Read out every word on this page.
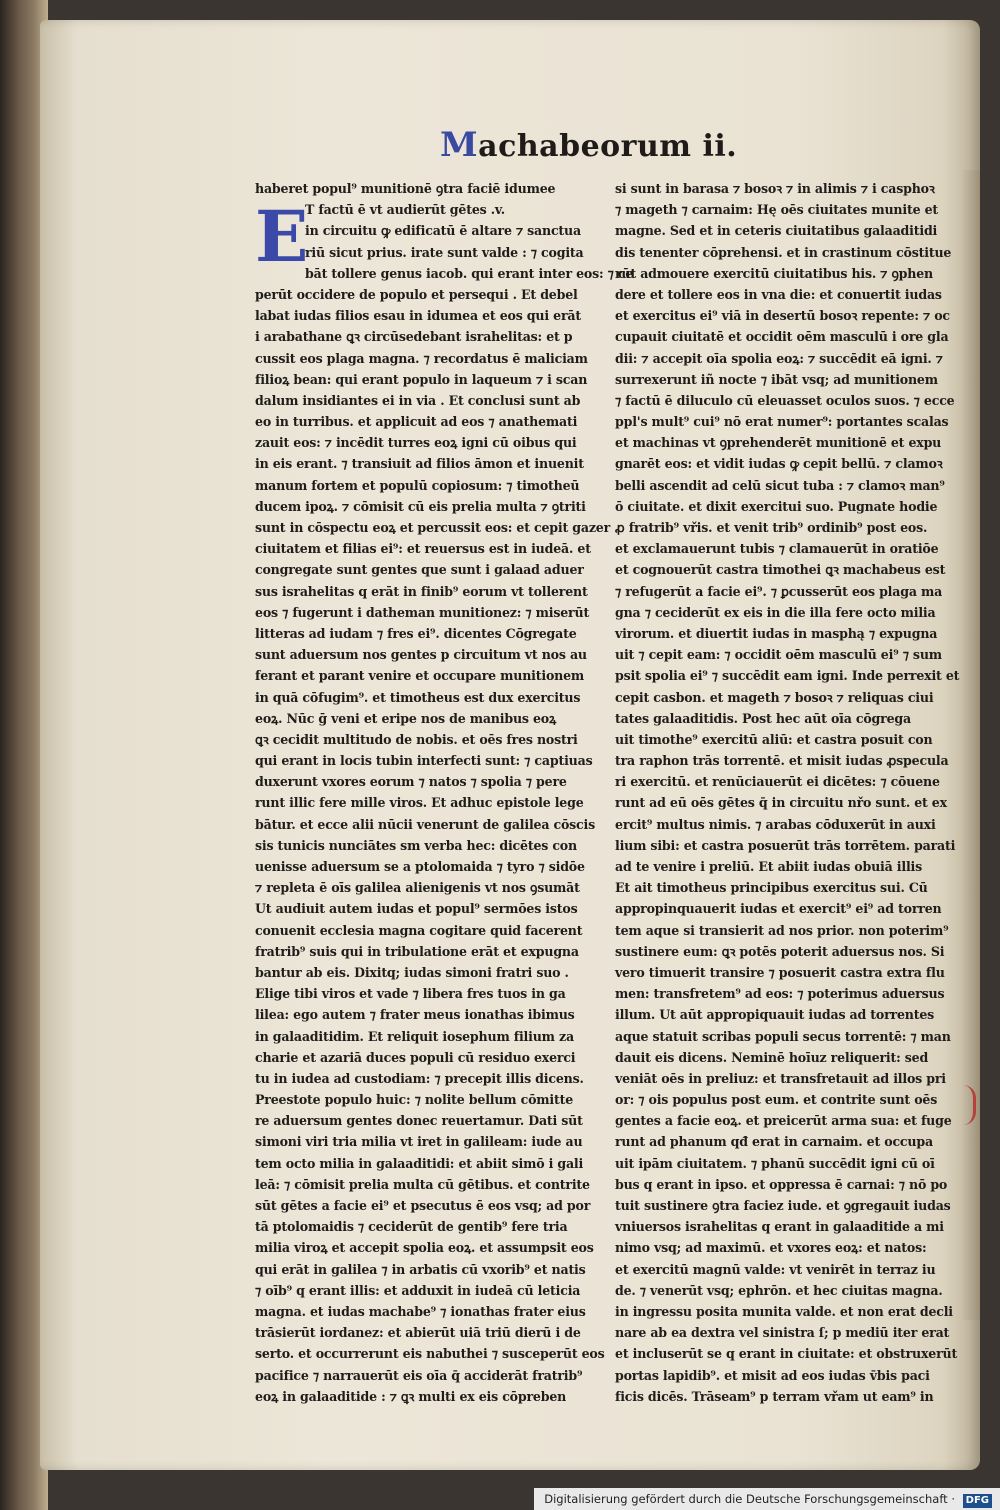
Machabeorum ii.
haberet popul⁹ munitionē ꝯtra faciē idumee
E
T factū ē vt audierūt gētes .v.
in circuitu ꝙ edificatū ē altare ⁊ sanctua
riū sicut prius. irate sunt valde : ⁊ cogita
bāt tollere genus iacob. qui erant inter eos: ⁊ ce
perūt occidere de populo et persequi . Et debel
labat iudas filios esau in idumea et eos qui erāt
i arabathane ꝗꝛ circūsedebant israhelitas: et p
cussit eos plaga magna. ⁊ recordatus ē maliciam
filioꝝ bean: qui erant populo in laqueum ⁊ i scan
dalum insidiantes ei in via . Et conclusi sunt ab
eo in turribus. et applicuit ad eos ⁊ anathemati
zauit eos: ⁊ incēdit turres eoꝝ igni cū oibus qui
in eis erant. ⁊ transiuit ad filios āmon et inuenit
manum fortem et populū copiosum: ⁊ timotheū
ducem ipoꝝ. ⁊ cōmisit cū eis prelia multa ⁊ ꝯtriti
sunt in cōspectu eoꝝ et percussit eos: et cepit gazer
ciuitatem et filias ei⁹: et reuersus est in iudeā. et
congregate sunt gentes que sunt i galaad aduer
sus israhelitas q erāt in finib⁹ eorum vt tollerent
eos ⁊ fugerunt i datheman munitionez: ⁊ miserūt
litteras ad iudam ⁊ fres ei⁹. dicentes Cōgregate
sunt aduersum nos gentes p circuitum vt nos au
ferant et parant venire et occupare munitionem
in quā cōfugim⁹. et timotheus est dux exercitus
eoꝝ. Nūc ḡ veni et eripe nos de manibus eoꝝ
ꝗꝛ cecidit multitudo de nobis. et oēs fres nostri
qui erant in locis tubin interfecti sunt: ⁊ captiuas
duxerunt vxores eorum ⁊ natos ⁊ spolia ⁊ pere
runt illic fere mille viros. Et adhuc epistole lege
bātur. et ecce alii nūcii venerunt de galilea cōscis
sis tunicis nunciātes sm verba hec: dicētes con
uenisse aduersum se a ptolomaida ⁊ tyro ⁊ sidōe
⁊ repleta ē oīs galilea alienigenis vt nos ꝯsumāt
Ut audiuit autem iudas et popul⁹ sermōes istos
conuenit ecclesia magna cogitare quid facerent
fratrib⁹ suis qui in tribulatione erāt et expugna
bantur ab eis. Dixitq; iudas simoni fratri suo .
Elige tibi viros et vade ⁊ libera fres tuos in ga
lilea: ego autem ⁊ frater meus ionathas ibimus
in galaaditidim. Et reliquit iosephum filium za
charie et azariā duces populi cū residuo exerci
tu in iudea ad custodiam: ⁊ precepit illis dicens.
Preestote populo huic: ⁊ nolite bellum cōmitte
re aduersum gentes donec reuertamur. Dati sūt
simoni viri tria milia vt iret in galileam: iude au
tem octo milia in galaaditidi: et abiit simō i gali
leā: ⁊ cōmisit prelia multa cū gētibus. et contrite
sūt gētes a facie ei⁹ et psecutus ē eos vsq; ad por
tā ptolomaidis ⁊ ceciderūt de gentib⁹ fere tria
milia viroꝝ et accepit spolia eoꝝ. et assumpsit eos
qui erāt in galilea ⁊ in arbatis cū vxorib⁹ et natis
⁊ oīb⁹ q erant illis: et adduxit in iudeā cū leticia
magna. et iudas machabe⁹ ⁊ ionathas frater eius
trāsierūt iordanez: et abierūt uiā triū dierū i de
serto. et occurrerunt eis nabuthei ⁊ susceperūt eos
pacifice ⁊ narrauerūt eis oīa q̄ acciderāt fratrib⁹
eoꝝ in galaaditide : ⁊ ꝗꝛ multi ex eis cōpreben
si sunt in barasa ⁊ bosoꝛ ⁊ in alimis ⁊ i casphoꝛ
⁊ mageth ⁊ carnaim: Hę oēs ciuitates munite et
magne. Sed et in ceteris ciuitatibus galaaditidi
dis tenenter cōprehensi. et in crastinum cōstitue
rūt admouere exercitū ciuitatibus his. ⁊ ꝯphen
dere et tollere eos in vna die: et conuertit iudas
et exercitus ei⁹ viā in desertū bosoꝛ repente: ⁊ oc
cupauit ciuitatē et occidit oēm masculū i ore gla
dii: ⁊ accepit oīa spolia eoꝝ: ⁊ succēdit eā igni. ⁊
surrexerunt iñ nocte ⁊ ibāt vsq; ad munitionem
⁊ factū ē diluculo cū eleuasset oculos suos. ⁊ ecce
ppl's mult⁹ cui⁹ nō erat numer⁹: portantes scalas
et machinas vt ꝯprehenderēt munitionē et expu
gnarēt eos: et vidit iudas ꝙ cepit bellū. ⁊ clamoꝛ
belli ascendit ad celū sicut tuba : ⁊ clamoꝛ man⁹
ō ciuitate. et dixit exercitui suo. Pugnate hodie
ꝓ fratrib⁹ vřis. et venit trib⁹ ordinib⁹ post eos.
et exclamauerunt tubis ⁊ clamauerūt in oratiōe
et cognouerūt castra timothei ꝗꝛ machabeus est
⁊ refugerūt a facie ei⁹. ⁊ ꝑcusserūt eos plaga ma
gna ⁊ ceciderūt ex eis in die illa fere octo milia
virorum. et diuertit iudas in masphą ⁊ expugna
uit ⁊ cepit eam: ⁊ occidit oēm masculū ei⁹ ⁊ sum
psit spolia ei⁹ ⁊ succēdit eam igni. Inde perrexit et
cepit casbon. et mageth ⁊ bosoꝛ ⁊ reliquas ciui
tates galaaditidis. Post hec aūt oīa cōgrega
uit timothe⁹ exercitū aliū: et castra posuit con
tra raphon trās torrentē. et misit iudas ꝓspecula
ri exercitū. et renūciauerūt ei dicētes: ⁊ cōuene
runt ad eū oēs gētes q̄ in circuitu nřo sunt. et ex
ercit⁹ multus nimis. ⁊ arabas cōduxerūt in auxi
lium sibi: et castra posuerūt trās torrētem. parati
ad te venire i preliū. Et abiit iudas obuiā illis
Et ait timotheus principibus exercitus sui. Cū
appropinquauerit iudas et exercit⁹ ei⁹ ad torren
tem aque si transierit ad nos prior. non poterim⁹
sustinere eum: ꝗꝛ potēs poterit aduersus nos. Si
vero timuerit transire ⁊ posuerit castra extra flu
men: transfretem⁹ ad eos: ⁊ poterimus aduersus
illum. Ut aūt appropiquauit iudas ad torrentes
aque statuit scribas populi secus torrentē: ⁊ man
dauit eis dicens. Neminē hoīuz reliquerit: sed
veniāt oēs in preliuz: et transfretauit ad illos pri
or: ⁊ ois populus post eum. et contrite sunt oēs
gentes a facie eoꝝ. et preicerūt arma sua: et fuge
runt ad phanum qđ erat in carnaim. et occupa
uit ipām ciuitatem. ⁊ phanū succēdit igni cū oī
bus q erant in ipso. et oppressa ē carnai: ⁊ nō po
tuit sustinere ꝯtra faciez iude. et ꝯgregauit iudas
vniuersos israhelitas q erant in galaaditide a mi
nimo vsq; ad maximū. et vxores eoꝝ: et natos:
et exercitū magnū valde: vt venirēt in terraz iu
de. ⁊ venerūt vsq; ephrōn. et hec ciuitas magna.
in ingressu posita munita valde. et non erat decli
nare ab ea dextra vel sinistra ſ; p mediū iter erat
et incluserūt se q erant in ciuitate: et obstruxerūt
portas lapidib⁹. et misit ad eos iudas v̄bis paci
ficis dicēs. Trāseam⁹ p terram vřam ut eam⁹ in
Digitalisierung gefördert durch die Deutsche Forschungsgemeinschaft · DFG
